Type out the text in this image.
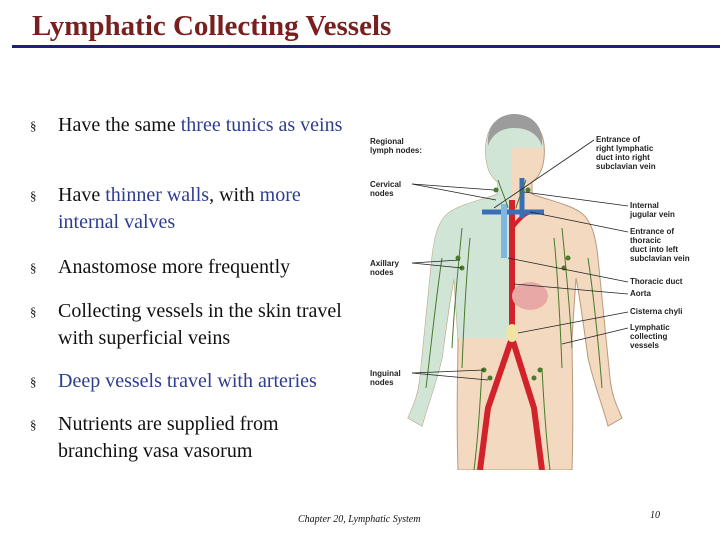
Lymphatic Collecting Vessels
§ Have the same three tunics as veins
§ Have thinner walls, with more internal valves
§ Anastomose more frequently
§ Collecting vessels in the skin travel with superficial veins
§ Deep vessels travel with arteries
§ Nutrients are supplied from branching vasa vasorum
Regional lymph nodes:
Cervical nodes
Axillary nodes
Inguinal nodes
Entrance of right lymphatic duct into right subclavian vein
Internal jugular vein
Entrance of thoracic duct into left subclavian vein
Thoracic duct
Aorta
Cisterna chyli
Lymphatic collecting vessels
Chapter 20, Lymphatic System	10
